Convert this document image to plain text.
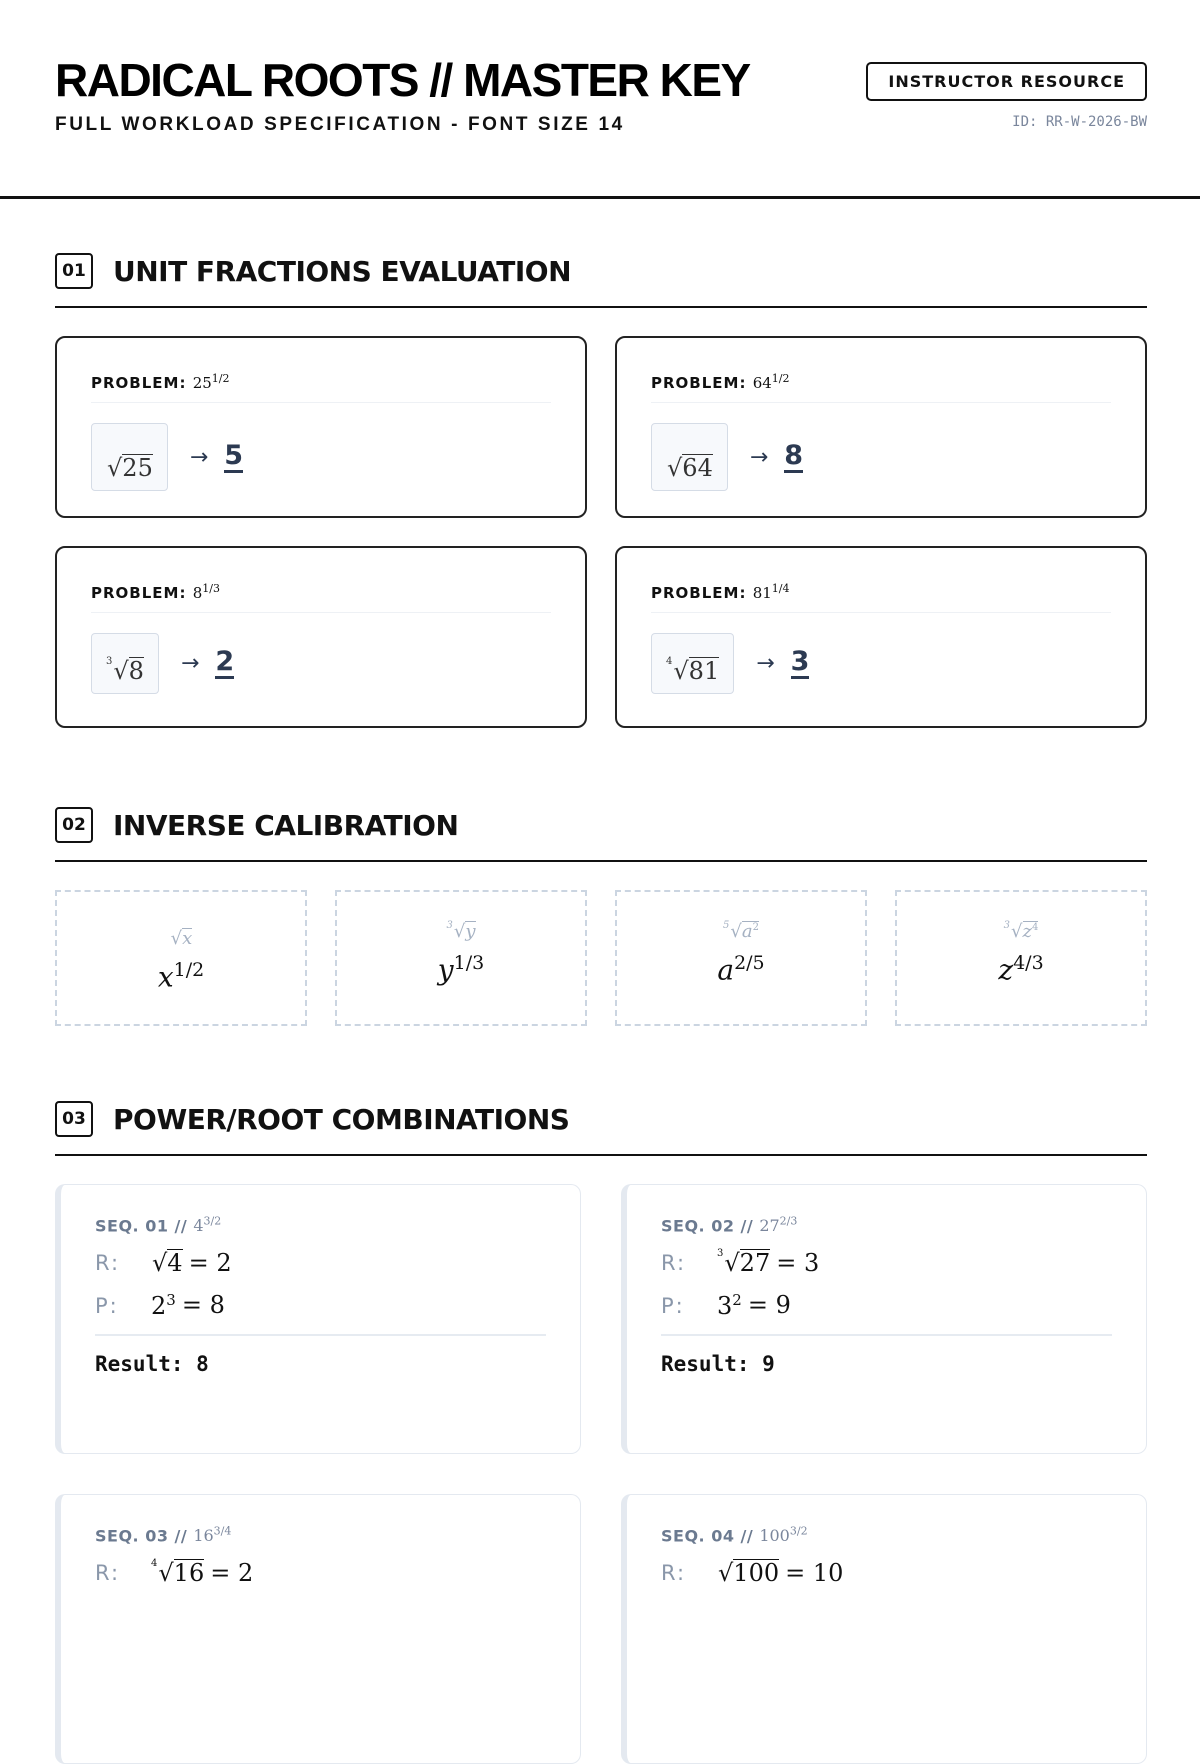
RADICAL ROOTS // MASTER KEY
FULL WORKLOAD SPECIFICATION - FONT SIZE 14
INSTRUCTOR RESOURCE
ID: RR-W-2026-BW
01 UNIT FRACTIONS EVALUATION
PROBLEM: $25^{1/2}$
√ 25 → 5
PROBLEM: $64^{1/2}$
√ 64 → 8
PROBLEM: $8^{1/3}$
3 √ 8 → 2
PROBLEM: $81^{1/4}$
4 √ 81 → 3
02 INVERSE CALIBRATION
√ x
$x^{1/2}$
3 √ y
$y^{1/3}$
5 √ $a^2$
$a^{2/5}$
3 √ $z^4$
$z^{4/3}$
03 POWER/ROOT COMBINATIONS
SEQ. $01 // 4^{3/2}$
R:	√ 4 = 2
P:	$2^3 = 8$
Result: 8
SEQ. $02 // 27^{2/3}$
R:	3 √ 27 = 3
P:	$3^2 = 9$
Result: 9
SEQ. $03 // 16^{3/4}$
R:	4 √ 16 = 2
SEQ. $04 // 100^{3/2}$
R:	√ 100 = 10
